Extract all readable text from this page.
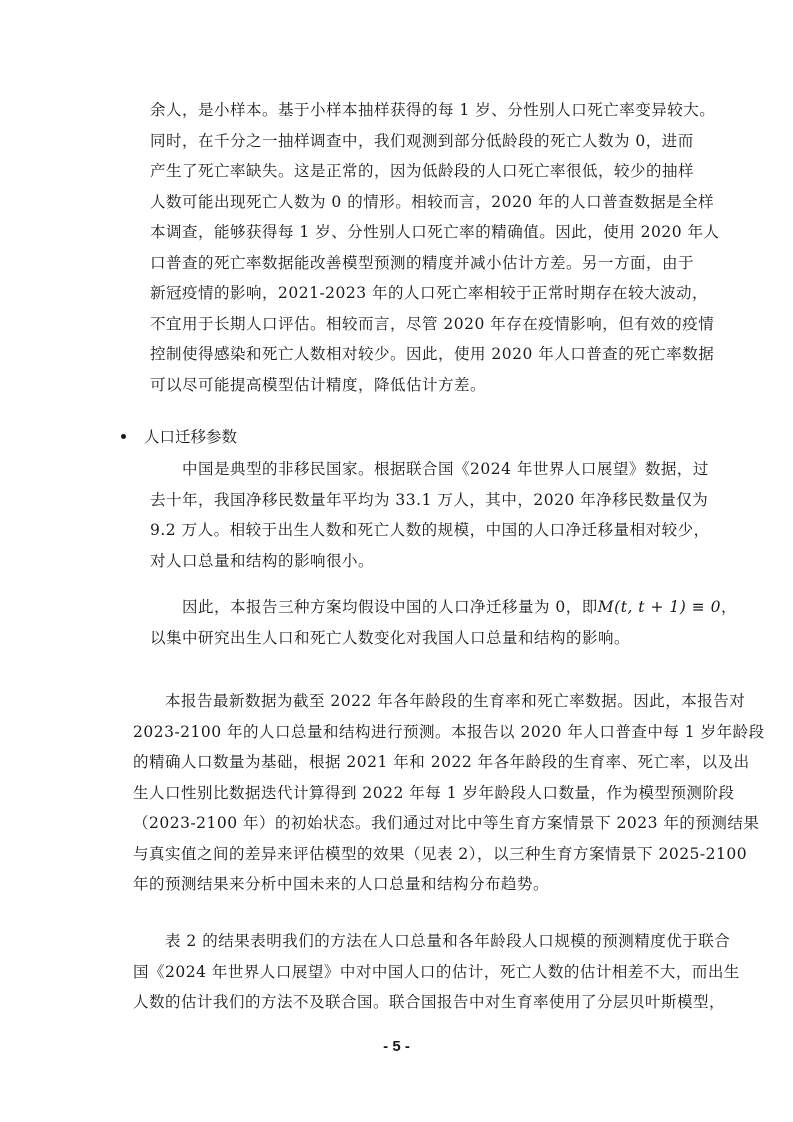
余人，是小样本。基于小样本抽样获得的每 1 岁、分性别人口死亡率变异较大。
同时，在千分之一抽样调查中，我们观测到部分低龄段的死亡人数为 0，进而
产生了死亡率缺失。这是正常的，因为低龄段的人口死亡率很低，较少的抽样
人数可能出现死亡人数为 0 的情形。相较而言，2020 年的人口普查数据是全样
本调查，能够获得每 1 岁、分性别人口死亡率的精确值。因此，使用 2020 年人
口普查的死亡率数据能改善模型预测的精度并减小估计方差。另一方面，由于
新冠疫情的影响，2021-2023 年的人口死亡率相较于正常时期存在较大波动，
不宜用于长期人口评估。相较而言，尽管 2020 年存在疫情影响，但有效的疫情
控制使得感染和死亡人数相对较少。因此，使用 2020 年人口普查的死亡率数据
可以尽可能提高模型估计精度，降低估计方差。
人口迁移参数
　　中国是典型的非移民国家。根据联合国《2024 年世界人口展望》数据，过
去十年，我国净移民数量年平均为 33.1 万人，其中，2020 年净移民数量仅为
9.2 万人。相较于出生人数和死亡人数的规模，中国的人口净迁移量相对较少，
对人口总量和结构的影响很小。
　　因此，本报告三种方案均假设中国的人口净迁移量为 0，即M(t, t + 1) ≡ 0，
以集中研究出生人口和死亡人数变化对我国人口总量和结构的影响。
　　本报告最新数据为截至 2022 年各年龄段的生育率和死亡率数据。因此，本报告对
2023-2100 年的人口总量和结构进行预测。本报告以 2020 年人口普查中每 1 岁年龄段
的精确人口数量为基础，根据 2021 年和 2022 年各年龄段的生育率、死亡率，以及出
生人口性别比数据迭代计算得到 2022 年每 1 岁年龄段人口数量，作为模型预测阶段
（2023-2100 年）的初始状态。我们通过对比中等生育方案情景下 2023 年的预测结果
与真实值之间的差异来评估模型的效果（见表 2），以三种生育方案情景下 2025-2100
年的预测结果来分析中国未来的人口总量和结构分布趋势。
　　表 2 的结果表明我们的方法在人口总量和各年龄段人口规模的预测精度优于联合
国《2024 年世界人口展望》中对中国人口的估计，死亡人数的估计相差不大，而出生
人数的估计我们的方法不及联合国。联合国报告中对生育率使用了分层贝叶斯模型，
- 5 -
